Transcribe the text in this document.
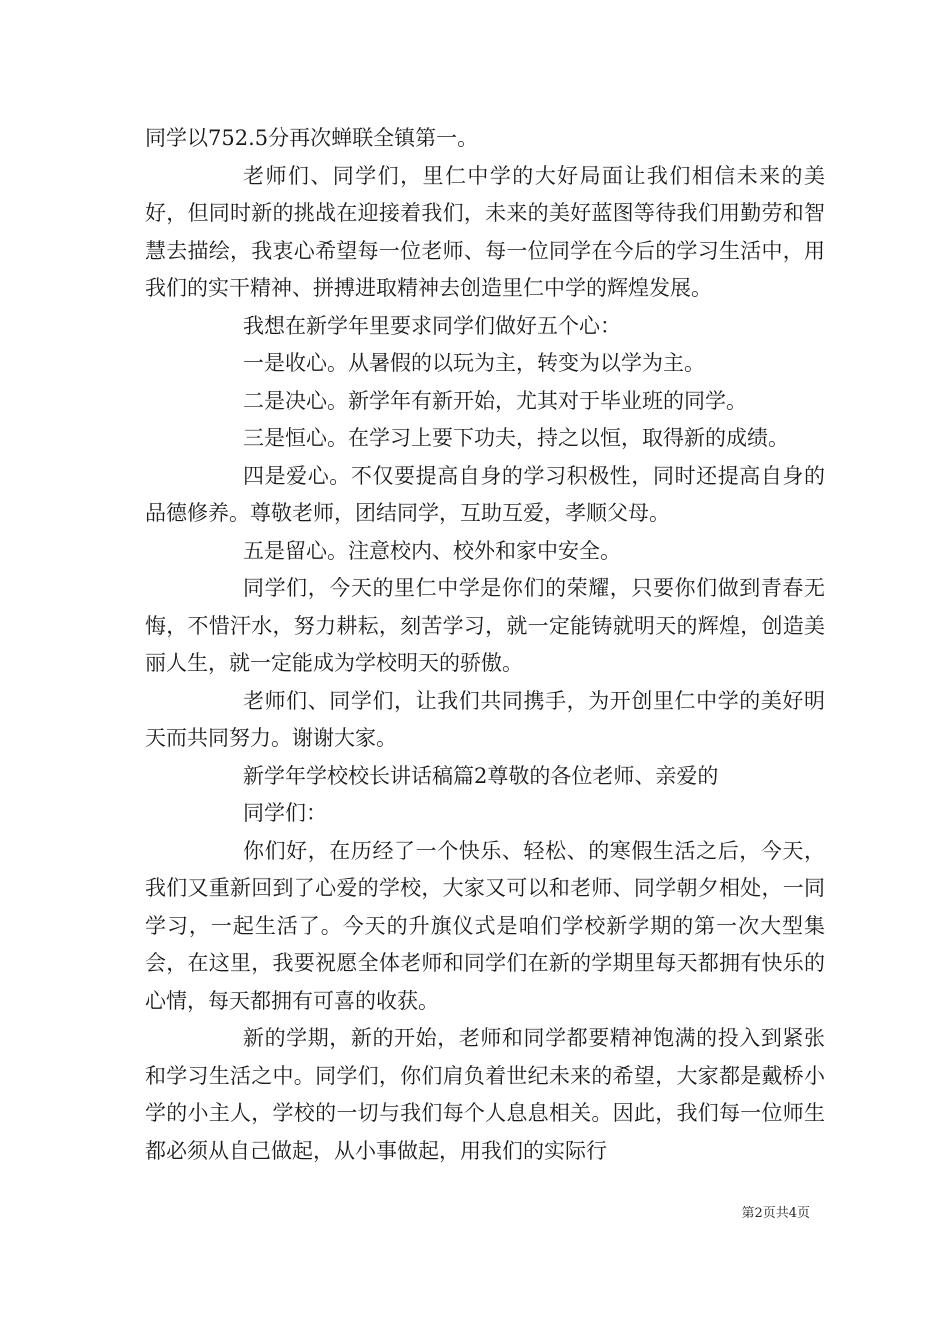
同学以752.5分再次蝉联全镇第一。

老师们、同学们，里仁中学的大好局面让我们相信未来的美好，但同时新的挑战在迎接着我们，未来的美好蓝图等待我们用勤劳和智慧去描绘，我衷心希望每一位老师、每一位同学在今后的学习生活中，用我们的实干精神、拼搏进取精神去创造里仁中学的辉煌发展。

我想在新学年里要求同学们做好五个心：

一是收心。从暑假的以玩为主，转变为以学为主。

二是决心。新学年有新开始，尤其对于毕业班的同学。

三是恒心。在学习上要下功夫，持之以恒，取得新的成绩。

四是爱心。不仅要提高自身的学习积极性，同时还提高自身的品德修养。尊敬老师，团结同学，互助互爱，孝顺父母。

五是留心。注意校内、校外和家中安全。

同学们，今天的里仁中学是你们的荣耀，只要你们做到青春无悔，不惜汗水，努力耕耘，刻苦学习，就一定能铸就明天的辉煌，创造美丽人生，就一定能成为学校明天的骄傲。

老师们、同学们，让我们共同携手，为开创里仁中学的美好明天而共同努力。谢谢大家。

新学年学校校长讲话稿篇2尊敬的各位老师、亲爱的

同学们：

你们好，在历经了一个快乐、轻松、的寒假生活之后，今天，我们又重新回到了心爱的学校，大家又可以和老师、同学朝夕相处，一同学习，一起生活了。今天的升旗仪式是咱们学校新学期的第一次大型集会，在这里，我要祝愿全体老师和同学们在新的学期里每天都拥有快乐的心情，每天都拥有可喜的收获。

新的学期，新的开始，老师和同学都要精神饱满的投入到紧张和学习生活之中。同学们，你们肩负着世纪未来的希望，大家都是戴桥小学的小主人，学校的一切与我们每个人息息相关。因此，我们每一位师生都必须从自己做起，从小事做起，用我们的实际行

第2页共4页
